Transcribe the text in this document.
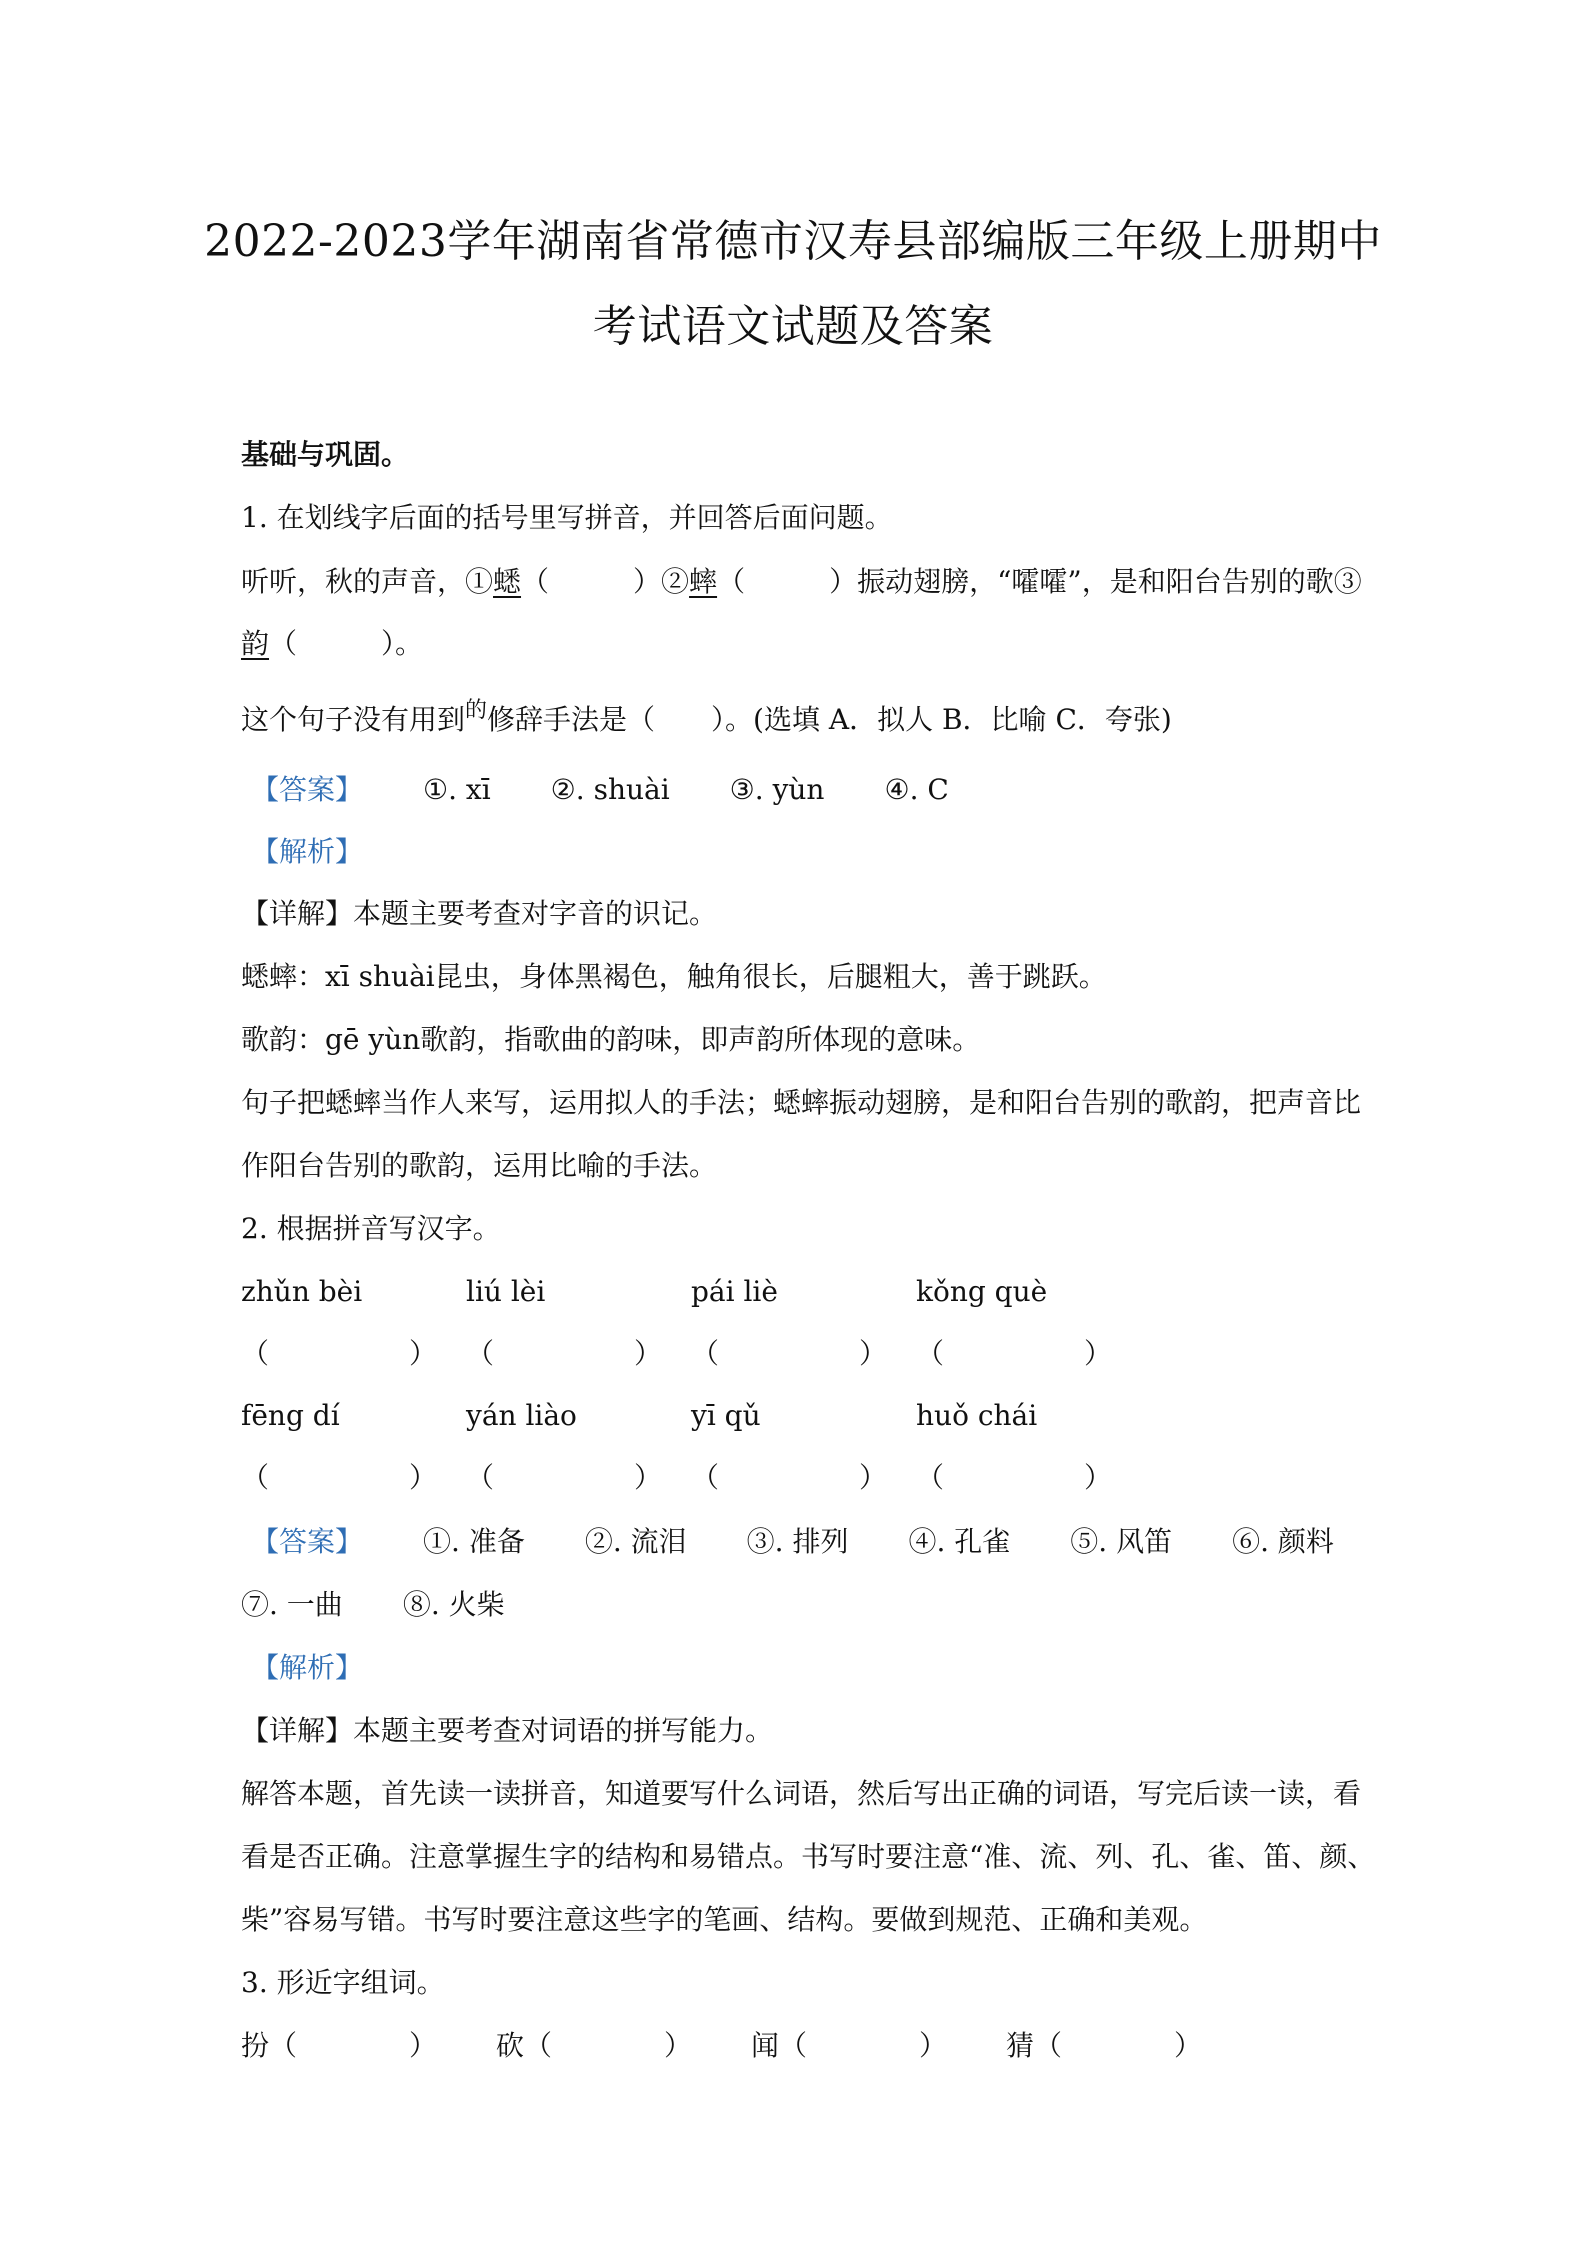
2022-2023学年湖南省常德市汉寿县部编版三年级上册期中
考试语文试题及答案
基础与巩固。
1. 在划线字后面的括号里写拼音，并回答后面问题。
听听，秋的声音，①蟋（　　　）②蟀（　　　）振动翅膀，“嚯嚯”，是和阳台告别的歌③
韵（　　　）。
这个句子没有用到$^的$修辞手法是（　　）。(选填 A．拟人 B．比喻 C．夸张)
【答案】 ①. xī ②. shuài ③. yùn ④. C
【解析】
【详解】本题主要考查对字音的识记。
蟋蟀：xī shuài昆虫，身体黑褐色，触角很长，后腿粗大，善于跳跃。
歌韵：gē yùn歌韵，指歌曲的韵味，即声韵所体现的意味。
句子把蟋蟀当作人来写，运用拟人的手法；蟋蟀振动翅膀，是和阳台告别的歌韵，把声音比
作阳台告别的歌韵，运用比喻的手法。
2. 根据拼音写汉字。
zhǔn bèi	liú lèi	pái liè	kǒng què
（　　　　　） （　　　　　） （　　　　　） （　　　　　）
fēng dí	yán liào	yī qǔ	huǒ chái
（　　　　　） （　　　　　） （　　　　　） （　　　　　）
【答案】 ①. 准备 ②. 流泪 ③. 排列 ④. 孔雀 ⑤. 风笛 ⑥. 颜料
⑦. 一曲 ⑧. 火柴
【解析】
【详解】本题主要考查对词语的拼写能力。
解答本题，首先读一读拼音，知道要写什么词语，然后写出正确的词语，写完后读一读，看
看是否正确。注意掌握生字的结构和易错点。书写时要注意“准、流、列、孔、雀、笛、颜、
柴”容易写错。书写时要注意这些字的笔画、结构。要做到规范、正确和美观。
3. 形近字组词。
扮（　　　　） 砍（　　　　） 闻（　　　　） 猜（　　　　）
